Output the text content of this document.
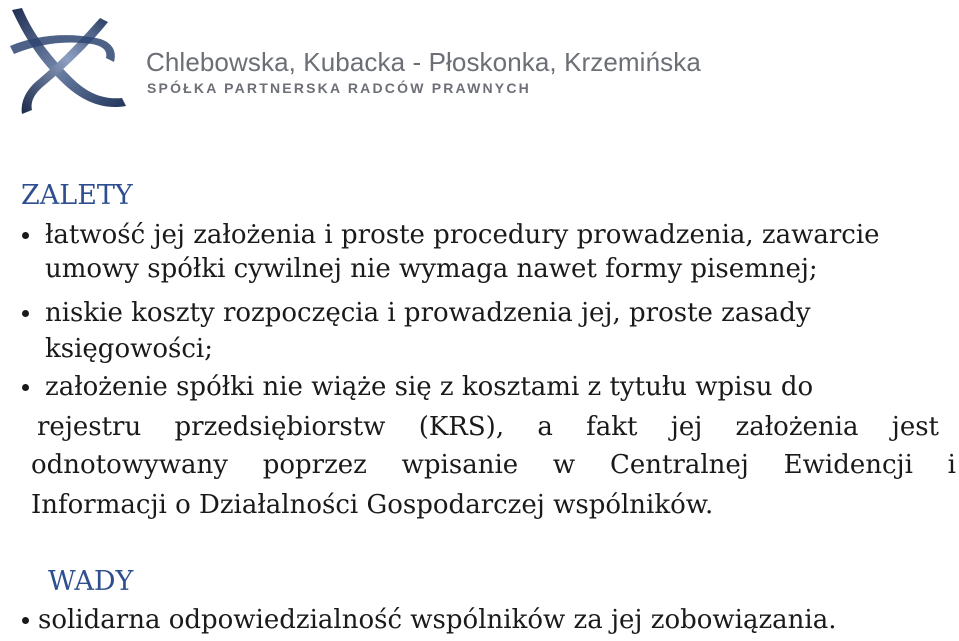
Chlebowska, Kubacka - Płoskonka, Krzemińska
SPÓŁKA PARTNERSKA RADCÓW PRAWNYCH
ZALETY
łatwość jej założenia i proste procedury prowadzenia, zawarcie
umowy spółki cywilnej nie wymaga nawet formy pisemnej;
niskie koszty rozpoczęcia i prowadzenia jej, proste zasady
księgowości;
założenie spółki nie wiąże się z kosztami z tytułu wpisu do
rejestru przedsiębiorstw (KRS), a fakt jej założenia jest
odnotowywany poprzez wpisanie w Centralnej Ewidencji i
Informacji o Działalności Gospodarczej wspólników.
WADY
solidarna odpowiedzialność wspólników za jej zobowiązania.
